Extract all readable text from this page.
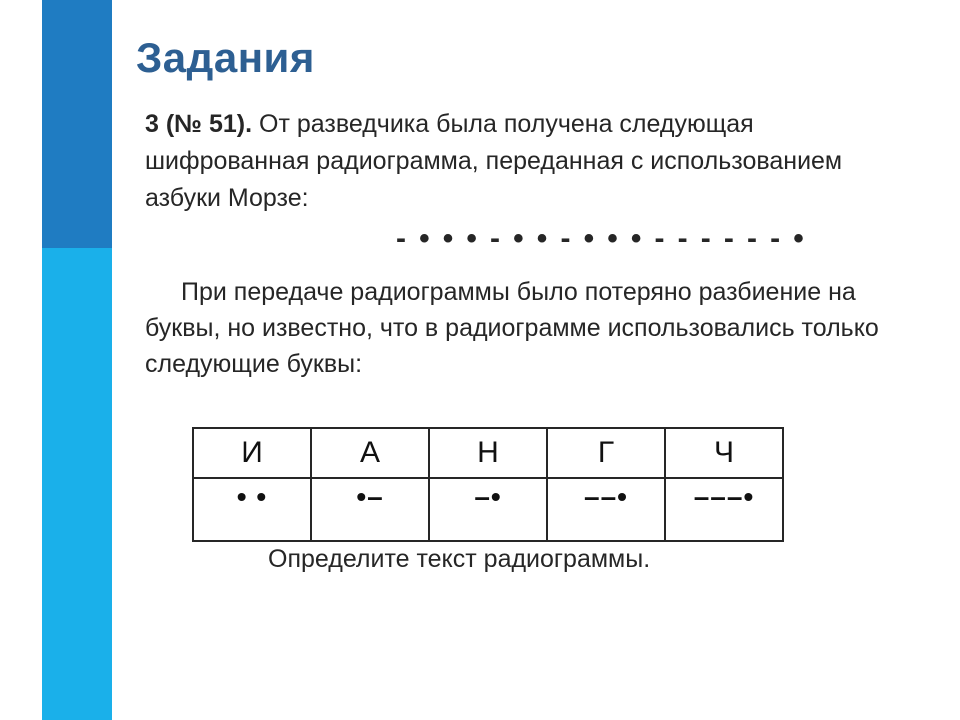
Задания
3 (№ 51). От разведчика была получена следующая шифрованная радиограмма, переданная с использованием азбуки Морзе:
- • • • - • • - • • • - - - - - - •
При передаче радиограммы было потеряно разбиение на буквы, но известно, что в радиограмме использовались только следующие буквы:
И	А	Н	Г	Ч
• •	•–	–•	––•	–––•
Определите текст радиограммы.
